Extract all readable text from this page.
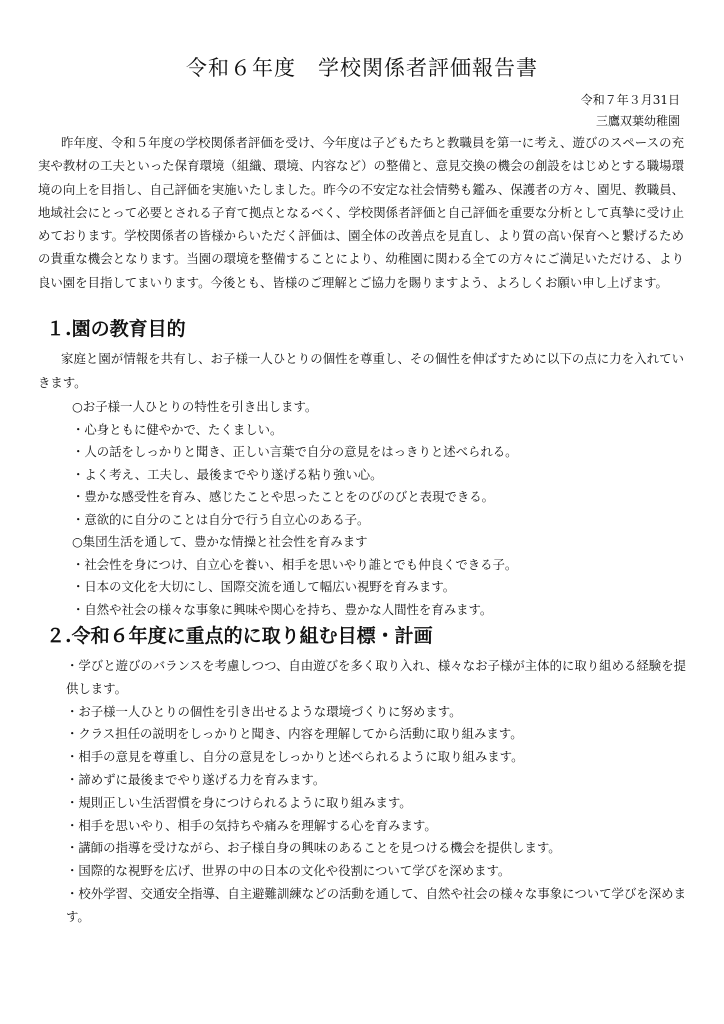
令和６年度　学校関係者評価報告書
令和７年３月31日
三鷹双葉幼稚園

昨年度、令和５年度の学校関係者評価を受け、今年度は子どもたちと教職員を第一に考え、遊びのスペースの充実や教材の工夫といった保育環境（組織、環境、内容など）の整備と、意見交換の機会の創設をはじめとする職場環境の向上を目指し、自己評価を実施いたしました。昨今の不安定な社会情勢も鑑み、保護者の方々、園児、教職員、地域社会にとって必要とされる子育て拠点となるべく、学校関係者評価と自己評価を重要な分析として真摯に受け止めております。学校関係者の皆様からいただく評価は、園全体の改善点を見直し、より質の高い保育へと繋げるための貴重な機会となります。当園の環境を整備することにより、幼稚園に関わる全ての方々にご満足いただける、より良い園を目指してまいります。今後とも、皆様のご理解とご協力を賜りますよう、よろしくお願い申し上げます。

１.園の教育目的

家庭と園が情報を共有し、お子様一人ひとりの個性を尊重し、その個性を伸ばすために以下の点に力を入れていきます。

○お子様一人ひとりの特性を引き出します。
・心身ともに健やかで、たくましい。
・人の話をしっかりと聞き、正しい言葉で自分の意見をはっきりと述べられる。
・よく考え、工夫し、最後までやり遂げる粘り強い心。
・豊かな感受性を育み、感じたことや思ったことをのびのびと表現できる。
・意欲的に自分のことは自分で行う自立心のある子。
○集団生活を通して、豊かな情操と社会性を育みます
・社会性を身につけ、自立心を養い、相手を思いやり誰とでも仲良くできる子。
・日本の文化を大切にし、国際交流を通して幅広い視野を育みます。
・自然や社会の様々な事象に興味や関心を持ち、豊かな人間性を育みます。
２.令和６年度に重点的に取り組む目標・計画
・学びと遊びのバランスを考慮しつつ、自由遊びを多く取り入れ、様々なお子様が主体的に取り組める経験を提供します。
・お子様一人ひとりの個性を引き出せるような環境づくりに努めます。
・クラス担任の説明をしっかりと聞き、内容を理解してから活動に取り組みます。
・相手の意見を尊重し、自分の意見をしっかりと述べられるように取り組みます。
・諦めずに最後までやり遂げる力を育みます。
・規則正しい生活習慣を身につけられるように取り組みます。
・相手を思いやり、相手の気持ちや痛みを理解する心を育みます。
・講師の指導を受けながら、お子様自身の興味のあることを見つける機会を提供します。
・国際的な視野を広げ、世界の中の日本の文化や役割について学びを深めます。
・校外学習、交通安全指導、自主避難訓練などの活動を通して、自然や社会の様々な事象について学びを深めます。
